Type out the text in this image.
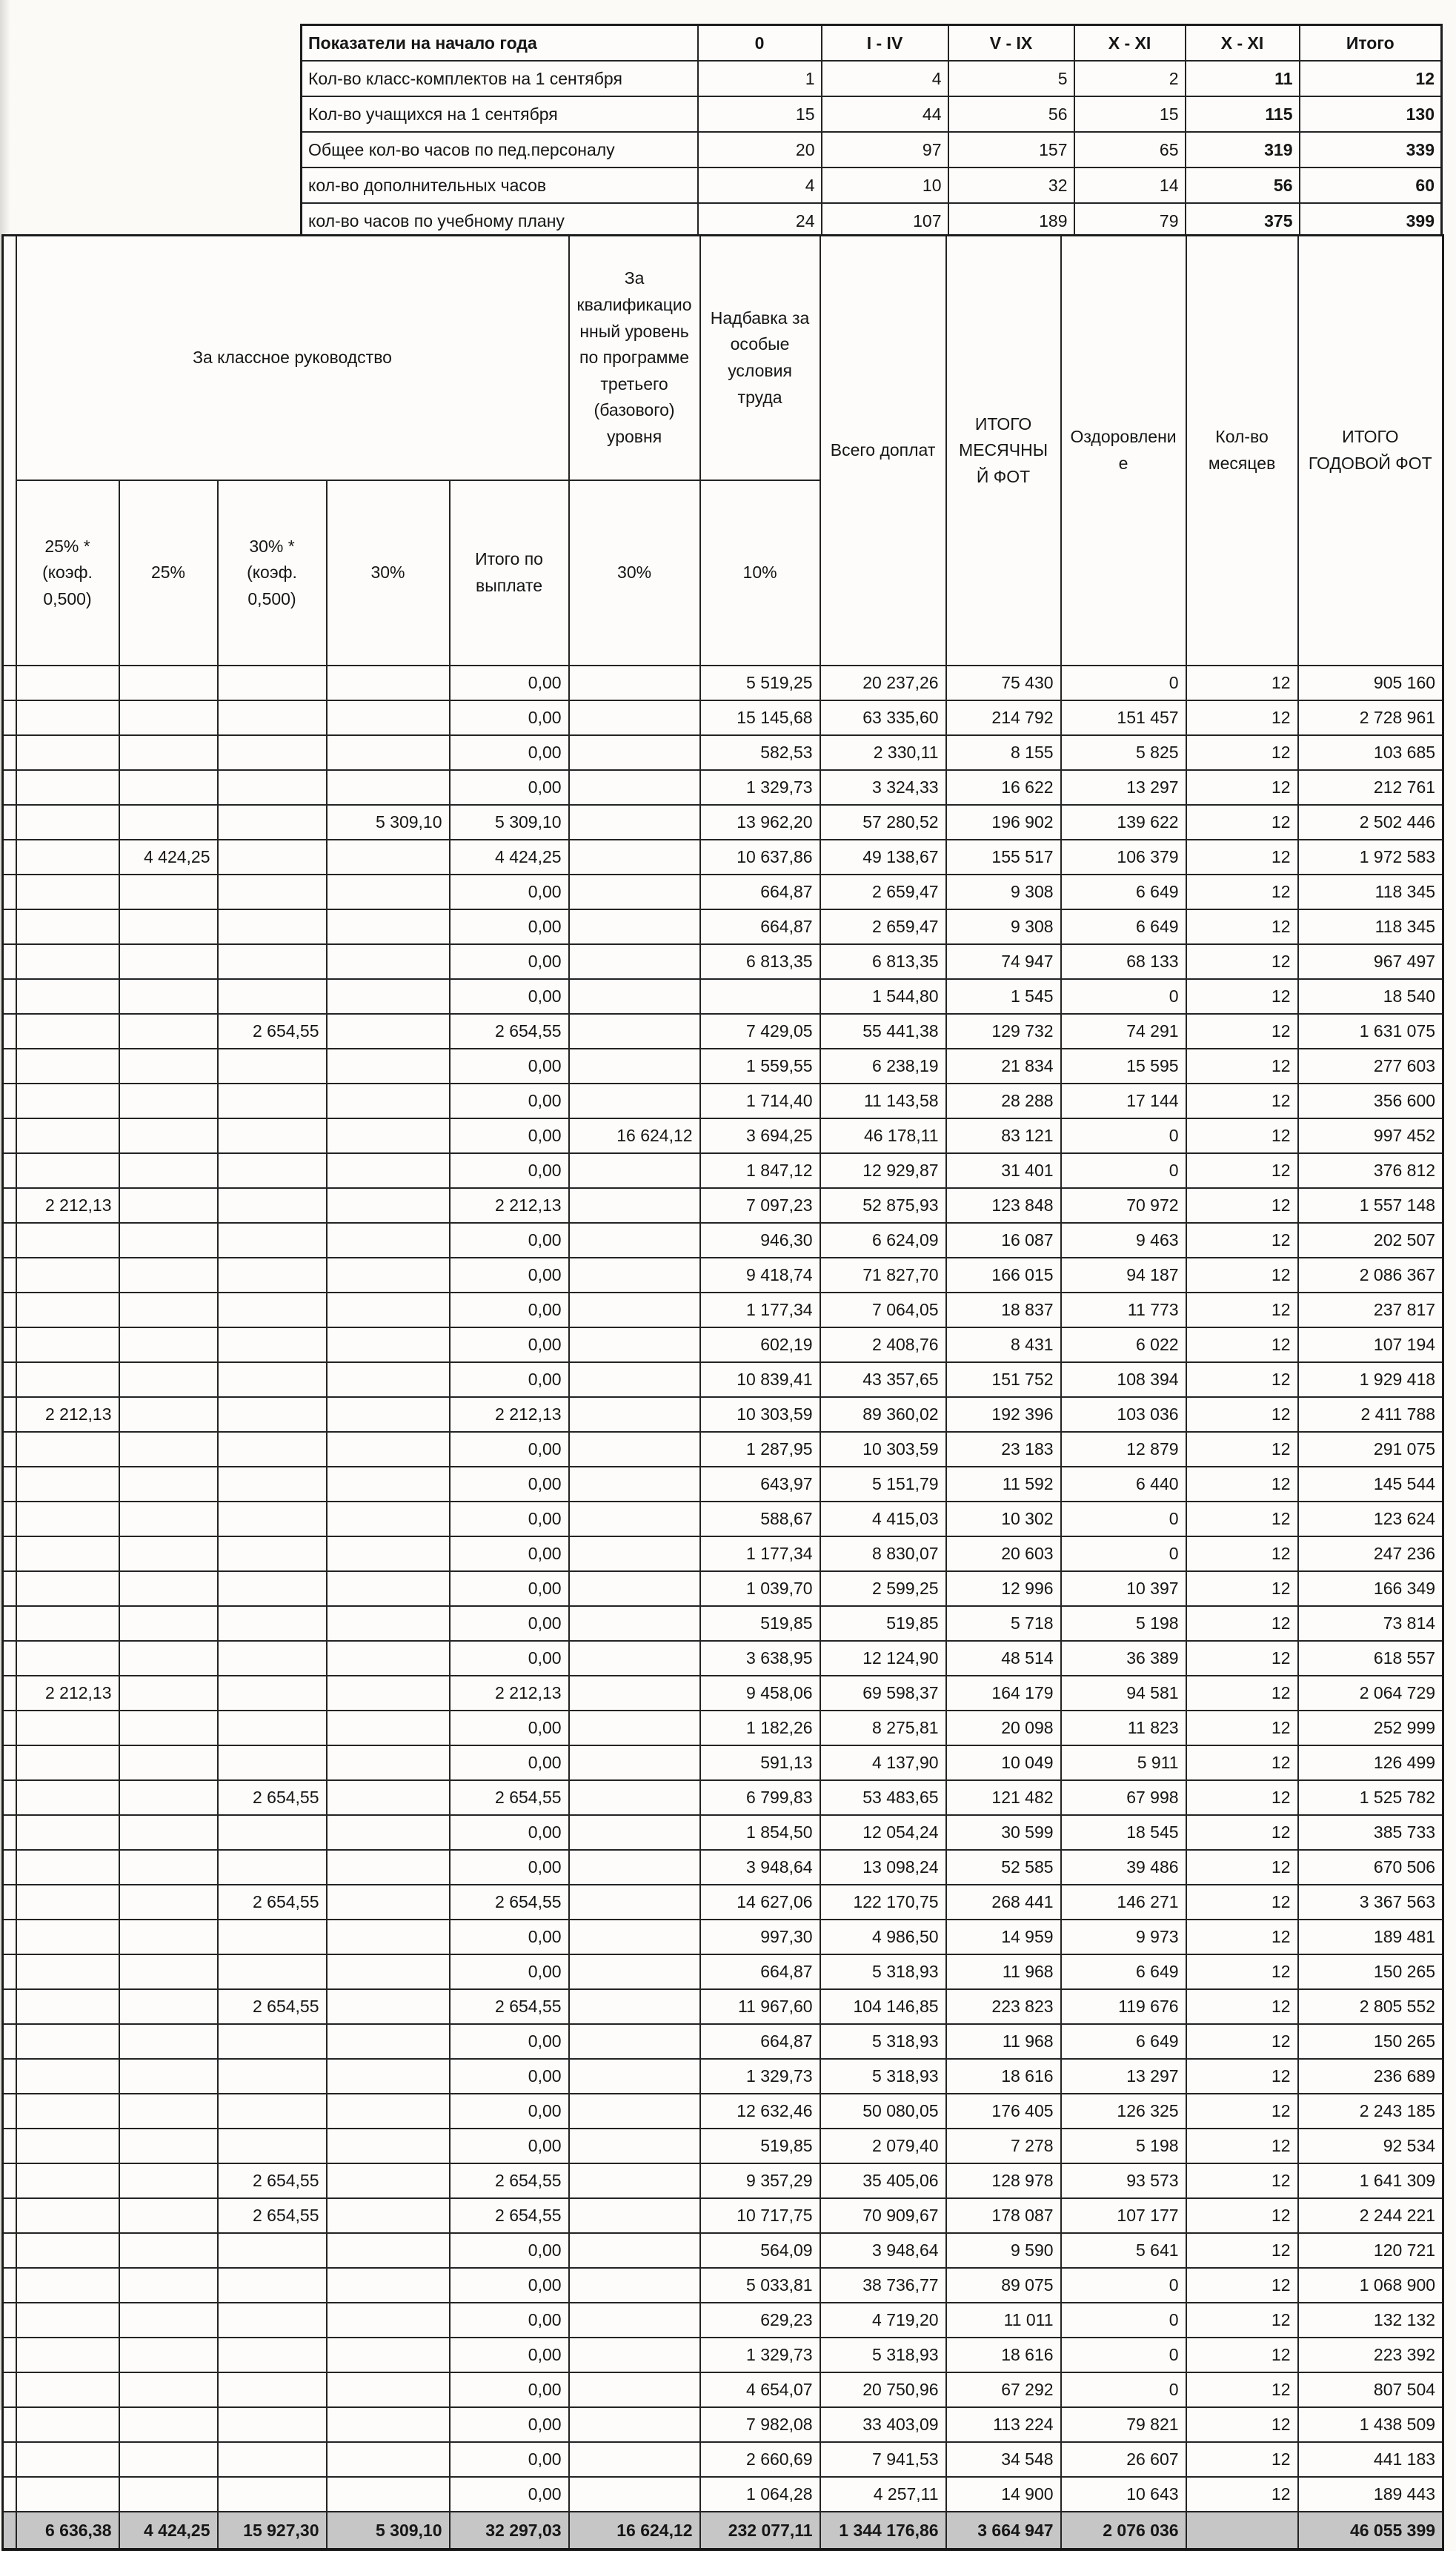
Показатели на начало года	0	I - IV	V - IX	X - XI	X - XI	Итого
Кол-во класс-комплектов на 1 сентября	1	4	5	2	11	12
Кол-во учащихся на 1 сентября	15	44	56	15	115	130
Общее кол-во часов по пед.персоналу	20	97	157	65	319	339
кол-во дополнительных часов	4	10	32	14	56	60
кол-во часов по учебному плану	24	107	189	79	375	399
	За классное руководство					За квалификационный уровень по программе третьего (базового) уровня	Надбавка за особые условия труда	Всего доплат	ИТОГО МЕСЯЧНЫЙ ФОТ	Оздоровление	Кол-во месяцев	ИТОГО ГОДОВОЙ ФОТ
	25% * (коэф. 0,500)	25%	30% * (коэф. 0,500)	30%	Итого по выплате	30%	10%					
					0,00		5 519,25	20 237,26	75 430	0	12	905 160
					0,00		15 145,68	63 335,60	214 792	151 457	12	2 728 961
					0,00		582,53	2 330,11	8 155	5 825	12	103 685
					0,00		1 329,73	3 324,33	16 622	13 297	12	212 761
				5 309,10	5 309,10		13 962,20	57 280,52	196 902	139 622	12	2 502 446
		4 424,25			4 424,25		10 637,86	49 138,67	155 517	106 379	12	1 972 583
					0,00		664,87	2 659,47	9 308	6 649	12	118 345
					0,00		664,87	2 659,47	9 308	6 649	12	118 345
					0,00		6 813,35	6 813,35	74 947	68 133	12	967 497
					0,00			1 544,80	1 545	0	12	18 540
			2 654,55		2 654,55		7 429,05	55 441,38	129 732	74 291	12	1 631 075
					0,00		1 559,55	6 238,19	21 834	15 595	12	277 603
					0,00		1 714,40	11 143,58	28 288	17 144	12	356 600
					0,00	16 624,12	3 694,25	46 178,11	83 121	0	12	997 452
					0,00		1 847,12	12 929,87	31 401	0	12	376 812
	2 212,13				2 212,13		7 097,23	52 875,93	123 848	70 972	12	1 557 148
					0,00		946,30	6 624,09	16 087	9 463	12	202 507
					0,00		9 418,74	71 827,70	166 015	94 187	12	2 086 367
					0,00		1 177,34	7 064,05	18 837	11 773	12	237 817
					0,00		602,19	2 408,76	8 431	6 022	12	107 194
					0,00		10 839,41	43 357,65	151 752	108 394	12	1 929 418
	2 212,13				2 212,13		10 303,59	89 360,02	192 396	103 036	12	2 411 788
					0,00		1 287,95	10 303,59	23 183	12 879	12	291 075
					0,00		643,97	5 151,79	11 592	6 440	12	145 544
					0,00		588,67	4 415,03	10 302	0	12	123 624
					0,00		1 177,34	8 830,07	20 603	0	12	247 236
					0,00		1 039,70	2 599,25	12 996	10 397	12	166 349
					0,00		519,85	519,85	5 718	5 198	12	73 814
					0,00		3 638,95	12 124,90	48 514	36 389	12	618 557
	2 212,13				2 212,13		9 458,06	69 598,37	164 179	94 581	12	2 064 729
					0,00		1 182,26	8 275,81	20 098	11 823	12	252 999
					0,00		591,13	4 137,90	10 049	5 911	12	126 499
			2 654,55		2 654,55		6 799,83	53 483,65	121 482	67 998	12	1 525 782
					0,00		1 854,50	12 054,24	30 599	18 545	12	385 733
					0,00		3 948,64	13 098,24	52 585	39 486	12	670 506
			2 654,55		2 654,55		14 627,06	122 170,75	268 441	146 271	12	3 367 563
					0,00		997,30	4 986,50	14 959	9 973	12	189 481
					0,00		664,87	5 318,93	11 968	6 649	12	150 265
			2 654,55		2 654,55		11 967,60	104 146,85	223 823	119 676	12	2 805 552
					0,00		664,87	5 318,93	11 968	6 649	12	150 265
					0,00		1 329,73	5 318,93	18 616	13 297	12	236 689
					0,00		12 632,46	50 080,05	176 405	126 325	12	2 243 185
					0,00		519,85	2 079,40	7 278	5 198	12	92 534
			2 654,55		2 654,55		9 357,29	35 405,06	128 978	93 573	12	1 641 309
			2 654,55		2 654,55		10 717,75	70 909,67	178 087	107 177	12	2 244 221
					0,00		564,09	3 948,64	9 590	5 641	12	120 721
					0,00		5 033,81	38 736,77	89 075	0	12	1 068 900
					0,00		629,23	4 719,20	11 011	0	12	132 132
					0,00		1 329,73	5 318,93	18 616	0	12	223 392
					0,00		4 654,07	20 750,96	67 292	0	12	807 504
					0,00		7 982,08	33 403,09	113 224	79 821	12	1 438 509
					0,00		2 660,69	7 941,53	34 548	26 607	12	441 183
					0,00		1 064,28	4 257,11	14 900	10 643	12	189 443
	6 636,38	4 424,25	15 927,30	5 309,10	32 297,03	16 624,12	232 077,11	1 344 176,86	3 664 947	2 076 036		46 055 399
